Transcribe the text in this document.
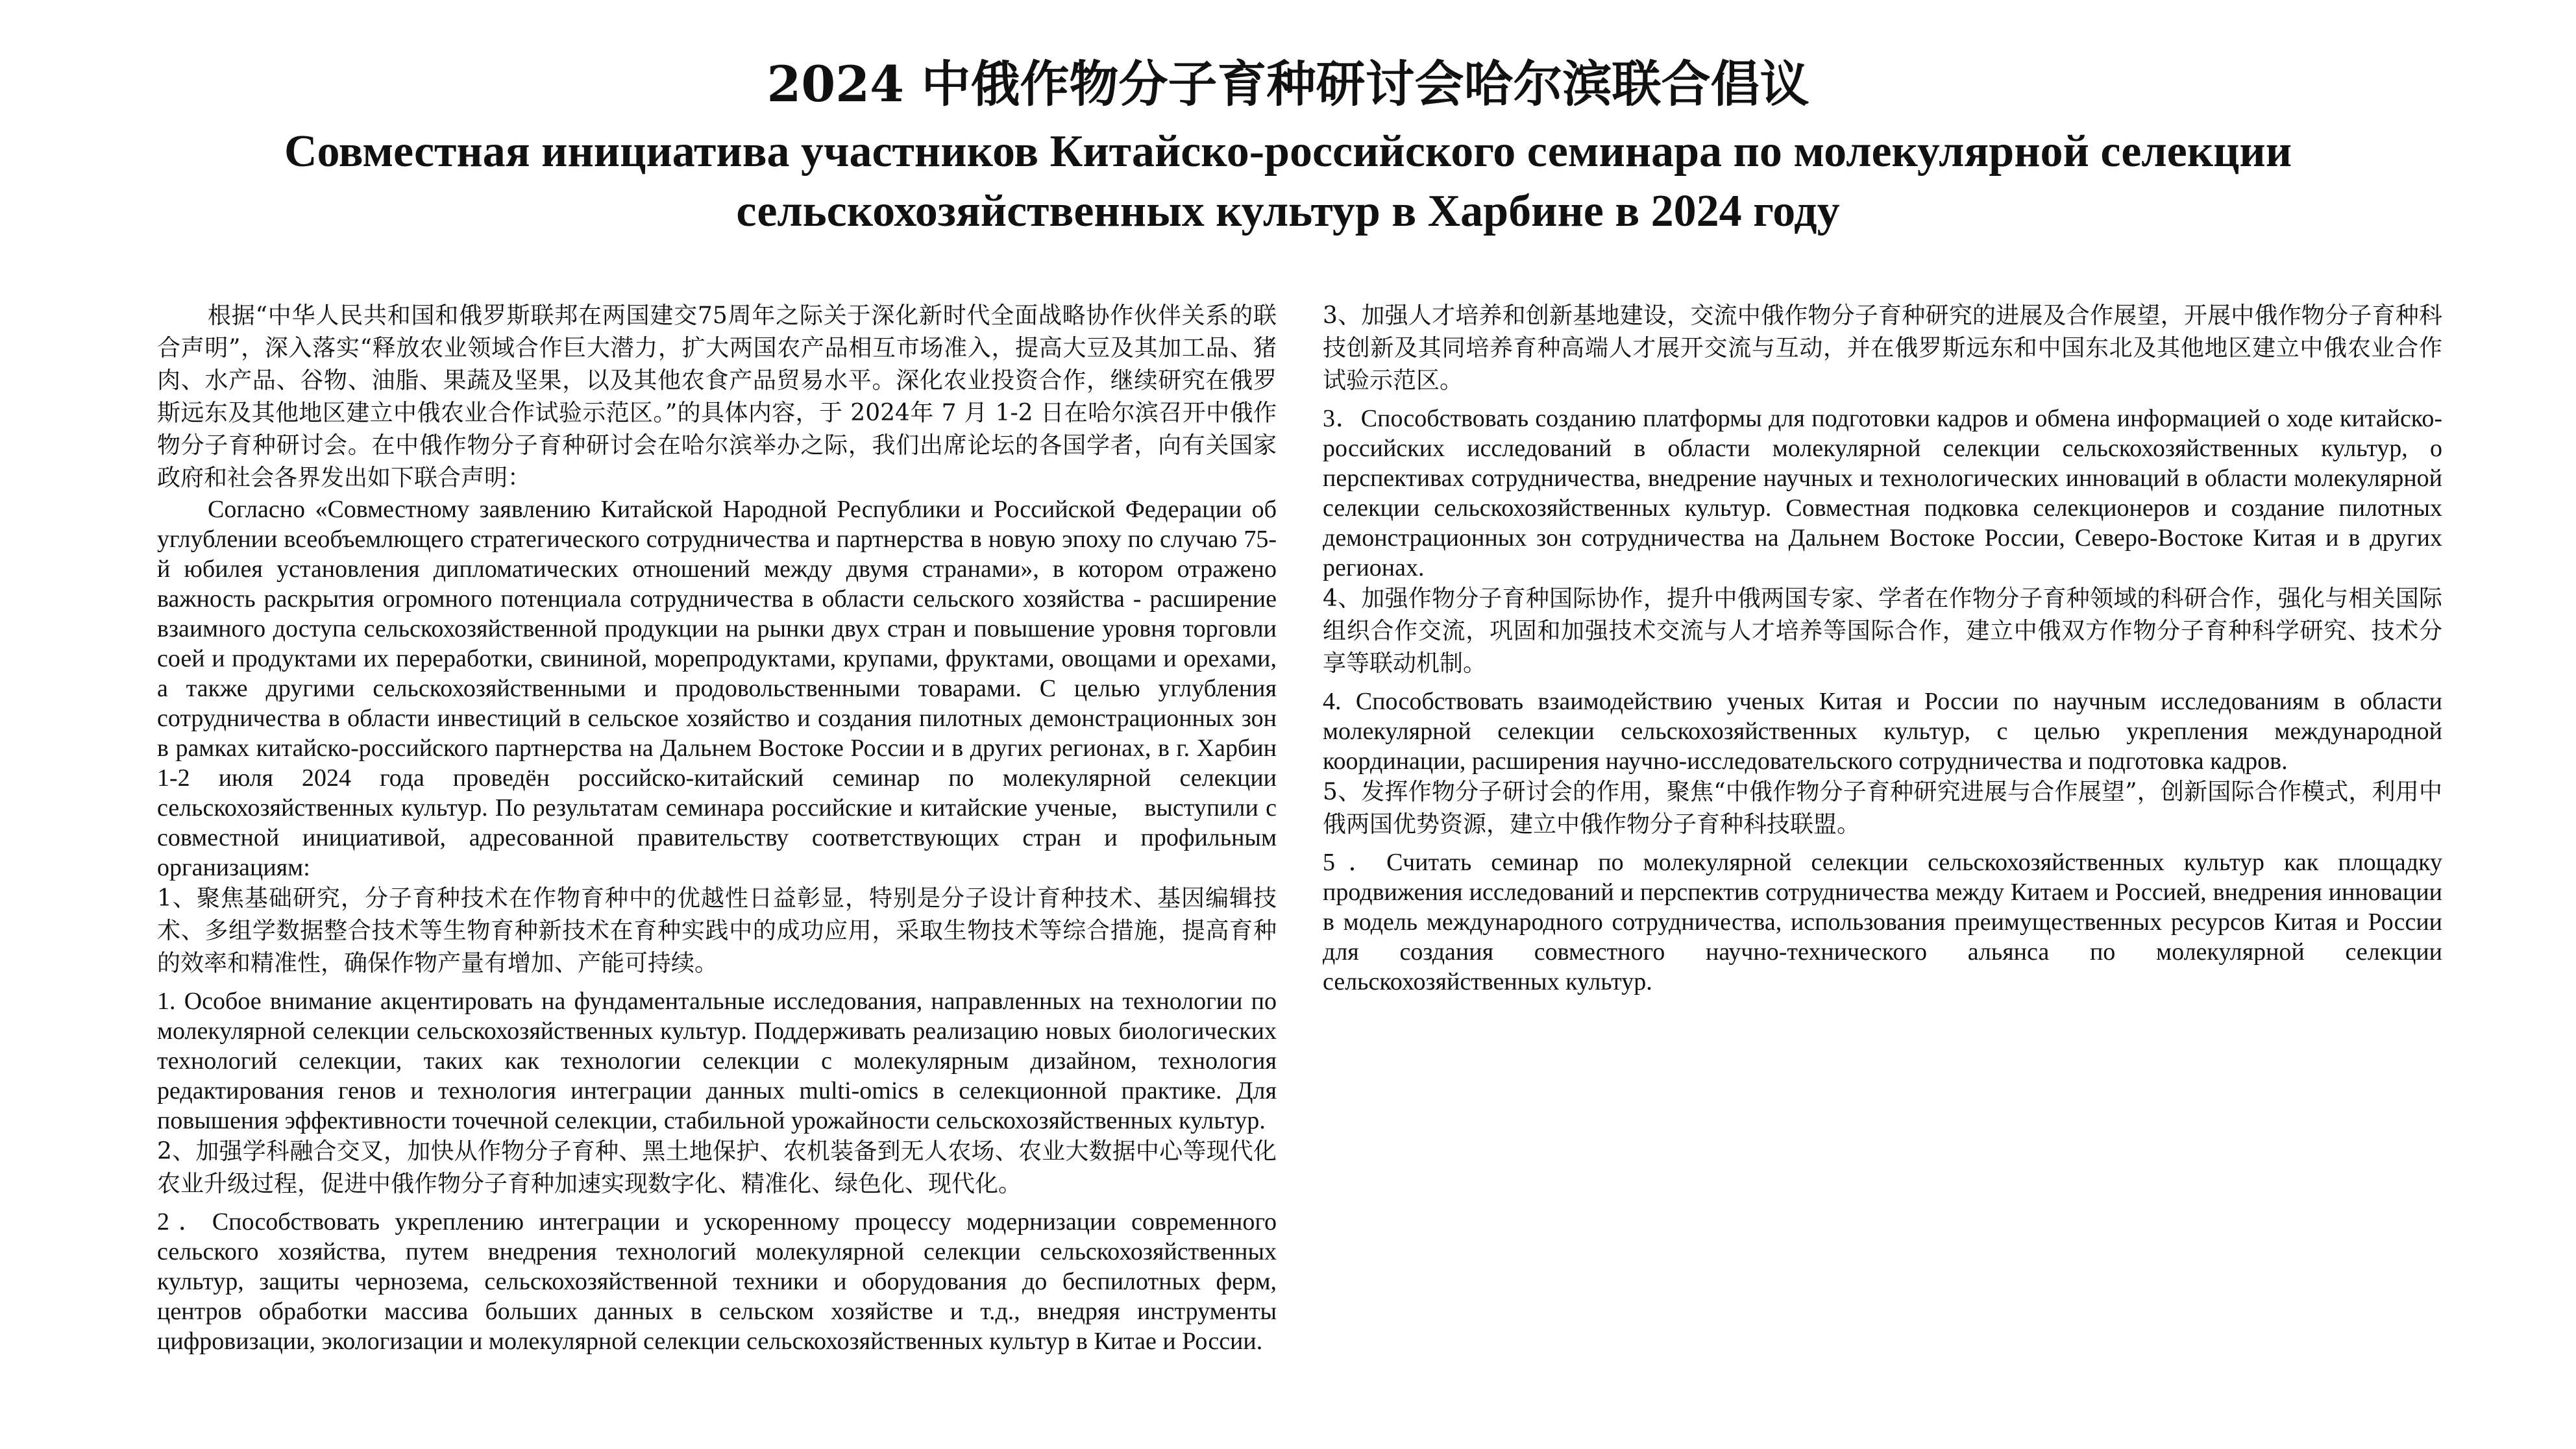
2024 中俄作物分子育种研讨会哈尔滨联合倡议
Совместная инициатива участников Китайско-российского семинара по молекулярной селекции
сельскохозяйственных культур в Харбине в 2024 году

根据“中华人民共和国和俄罗斯联邦在两国建交75周年之际关于深化新时代全面战略协作伙伴关系的联合声明”，深入落实“释放农业领域合作巨大潜力，扩大两国农产品相互市场准入，提高大豆及其加工品、猪肉、水产品、谷物、油脂、果蔬及坚果，以及其他农食产品贸易水平。深化农业投资合作，继续研究在俄罗斯远东及其他地区建立中俄农业合作试验示范区。”的具体内容，于 2024年 7 月 1-2 日在哈尔滨召开中俄作物分子育种研讨会。在中俄作物分子育种研讨会在哈尔滨举办之际，我们出席论坛的各国学者，向有关国家政府和社会各界发出如下联合声明：

Согласно «Совместному заявлению Китайской Народной Республики и Российской Федерации об углублении всеобъемлющего стратегического сотрудничества и партнерства в новую эпоху по случаю 75-й юбилея установления дипломатических отношений между двумя странами», в котором отражено важность раскрытия огромного потенциала сотрудничества в области сельского хозяйства - расширение взаимного доступа сельскохозяйственной продукции на рынки двух стран и повышение уровня торговли соей и продуктами их переработки, свининой, морепродуктами, крупами, фруктами, овощами и орехами, а также другими сельскохозяйственными и продовольственными товарами. С целью углубления сотрудничества в области инвестиций в сельское хозяйство и создания пилотных демонстрационных зон в рамках китайско-российского партнерства на Дальнем Востоке России и в других регионах, в г. Харбин 1-2 июля 2024 года проведён российско-китайский семинар по молекулярной селекции сельскохозяйственных культур. По результатам семинара российские и китайские ученые,　выступили с совместной инициативой, адресованной правительству соответствующих стран и профильным организациям:

1、聚焦基础研究，分子育种技术在作物育种中的优越性日益彰显，特别是分子设计育种技术、基因编辑技术、多组学数据整合技术等生物育种新技术在育种实践中的成功应用，采取生物技术等综合措施，提高育种的效率和精准性，确保作物产量有增加、产能可持续。

1. Особое внимание акцентировать на фундаментальные исследования, направленных на технологии по молекулярной селекции сельскохозяйственных культур. Поддерживать реализацию новых биологических технологий селекции, таких как технологии селекции с молекулярным дизайном, технология редактирования генов и технология интеграции данных multi-omics в селекционной практике. Для повышения эффективности точечной селекции, стабильной урожайности сельскохозяйственных культур.

2、加强学科融合交叉，加快从作物分子育种、黑土地保护、农机装备到无人农场、农业大数据中心等现代化农业升级过程，促进中俄作物分子育种加速实现数字化、精准化、绿色化、现代化。

2．Способствовать укреплению интеграции и ускоренному процессу модернизации современного сельского хозяйства, путем внедрения технологий молекулярной селекции сельскохозяйственных культур, защиты чернозема, сельскохозяйственной техники и оборудования до беспилотных ферм, центров обработки массива больших данных в сельском хозяйстве и т.д., внедряя инструменты цифровизации, экологизации и молекулярной селекции сельскохозяйственных культур в Китае и России.

3、加强人才培养和创新基地建设，交流中俄作物分子育种研究的进展及合作展望，开展中俄作物分子育种科技创新及其同培养育种高端人才展开交流与互动，并在俄罗斯远东和中国东北及其他地区建立中俄农业合作试验示范区。

3．Способствовать созданию платформы для подготовки кадров и обмена информацией о ходе китайско-российских исследований в области молекулярной селекции сельскохозяйственных культур, о перспективах сотрудничества, внедрение научных и технологических инноваций в области молекулярной селекции сельскохозяйственных культур. Совместная подковка селекционеров и создание пилотных демонстрационных зон сотрудничества на Дальнем Востоке России, Северо-Востоке Китая и в других регионах.

4、加强作物分子育种国际协作，提升中俄两国专家、学者在作物分子育种领域的科研合作，强化与相关国际组织合作交流，巩固和加强技术交流与人才培养等国际合作，建立中俄双方作物分子育种科学研究、技术分享等联动机制。

4. Способствовать взаимодействию ученых Китая и России по научным исследованиям в области молекулярной селекции сельскохозяйственных культур, с целью укрепления международной координации, расширения научно-исследовательского сотрудничества и подготовка кадров.

5、发挥作物分子研讨会的作用，聚焦“中俄作物分子育种研究进展与合作展望”，创新国际合作模式，利用中俄两国优势资源，建立中俄作物分子育种科技联盟。

5．Считать семинар по молекулярной селекции сельскохозяйственных культур как площадку продвижения исследований и перспектив сотрудничества между Китаем и Россией, внедрения инновации в модель международного сотрудничества, использования преимущественных ресурсов Китая и России для создания совместного научно-технического альянса по молекулярной селекции сельскохозяйственных культур.
